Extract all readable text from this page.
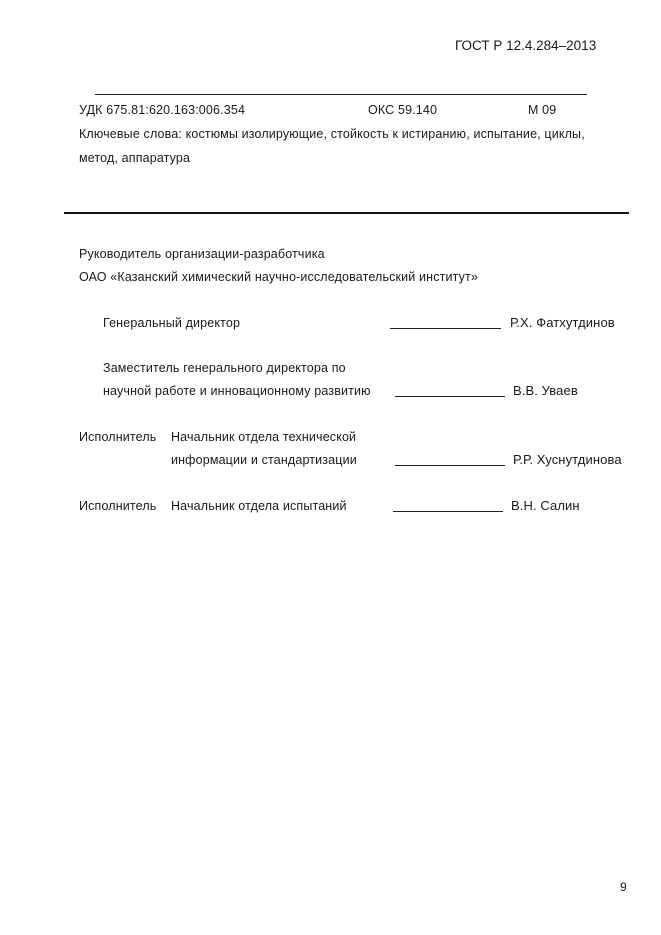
ГОСТ Р 12.4.284–2013
УДК 675.81:620.163:006.354	ОКС 59.140	М 09
Ключевые слова: костюмы изолирующие, стойкость к истиранию, испытание, циклы,
метод, аппаратура
Руководитель организации-разработчика
ОАО «Казанский химический научно-исследовательский институт»
Генеральный директор	Р.Х. Фатхутдинов
Заместитель генерального директора по
научной работе и инновационному развитию	В.В. Уваев
Исполнитель Начальник отдела технической
информации и стандартизации	Р.Р. Хуснутдинова
Исполнитель Начальник отдела испытаний	В.Н. Салин
9
